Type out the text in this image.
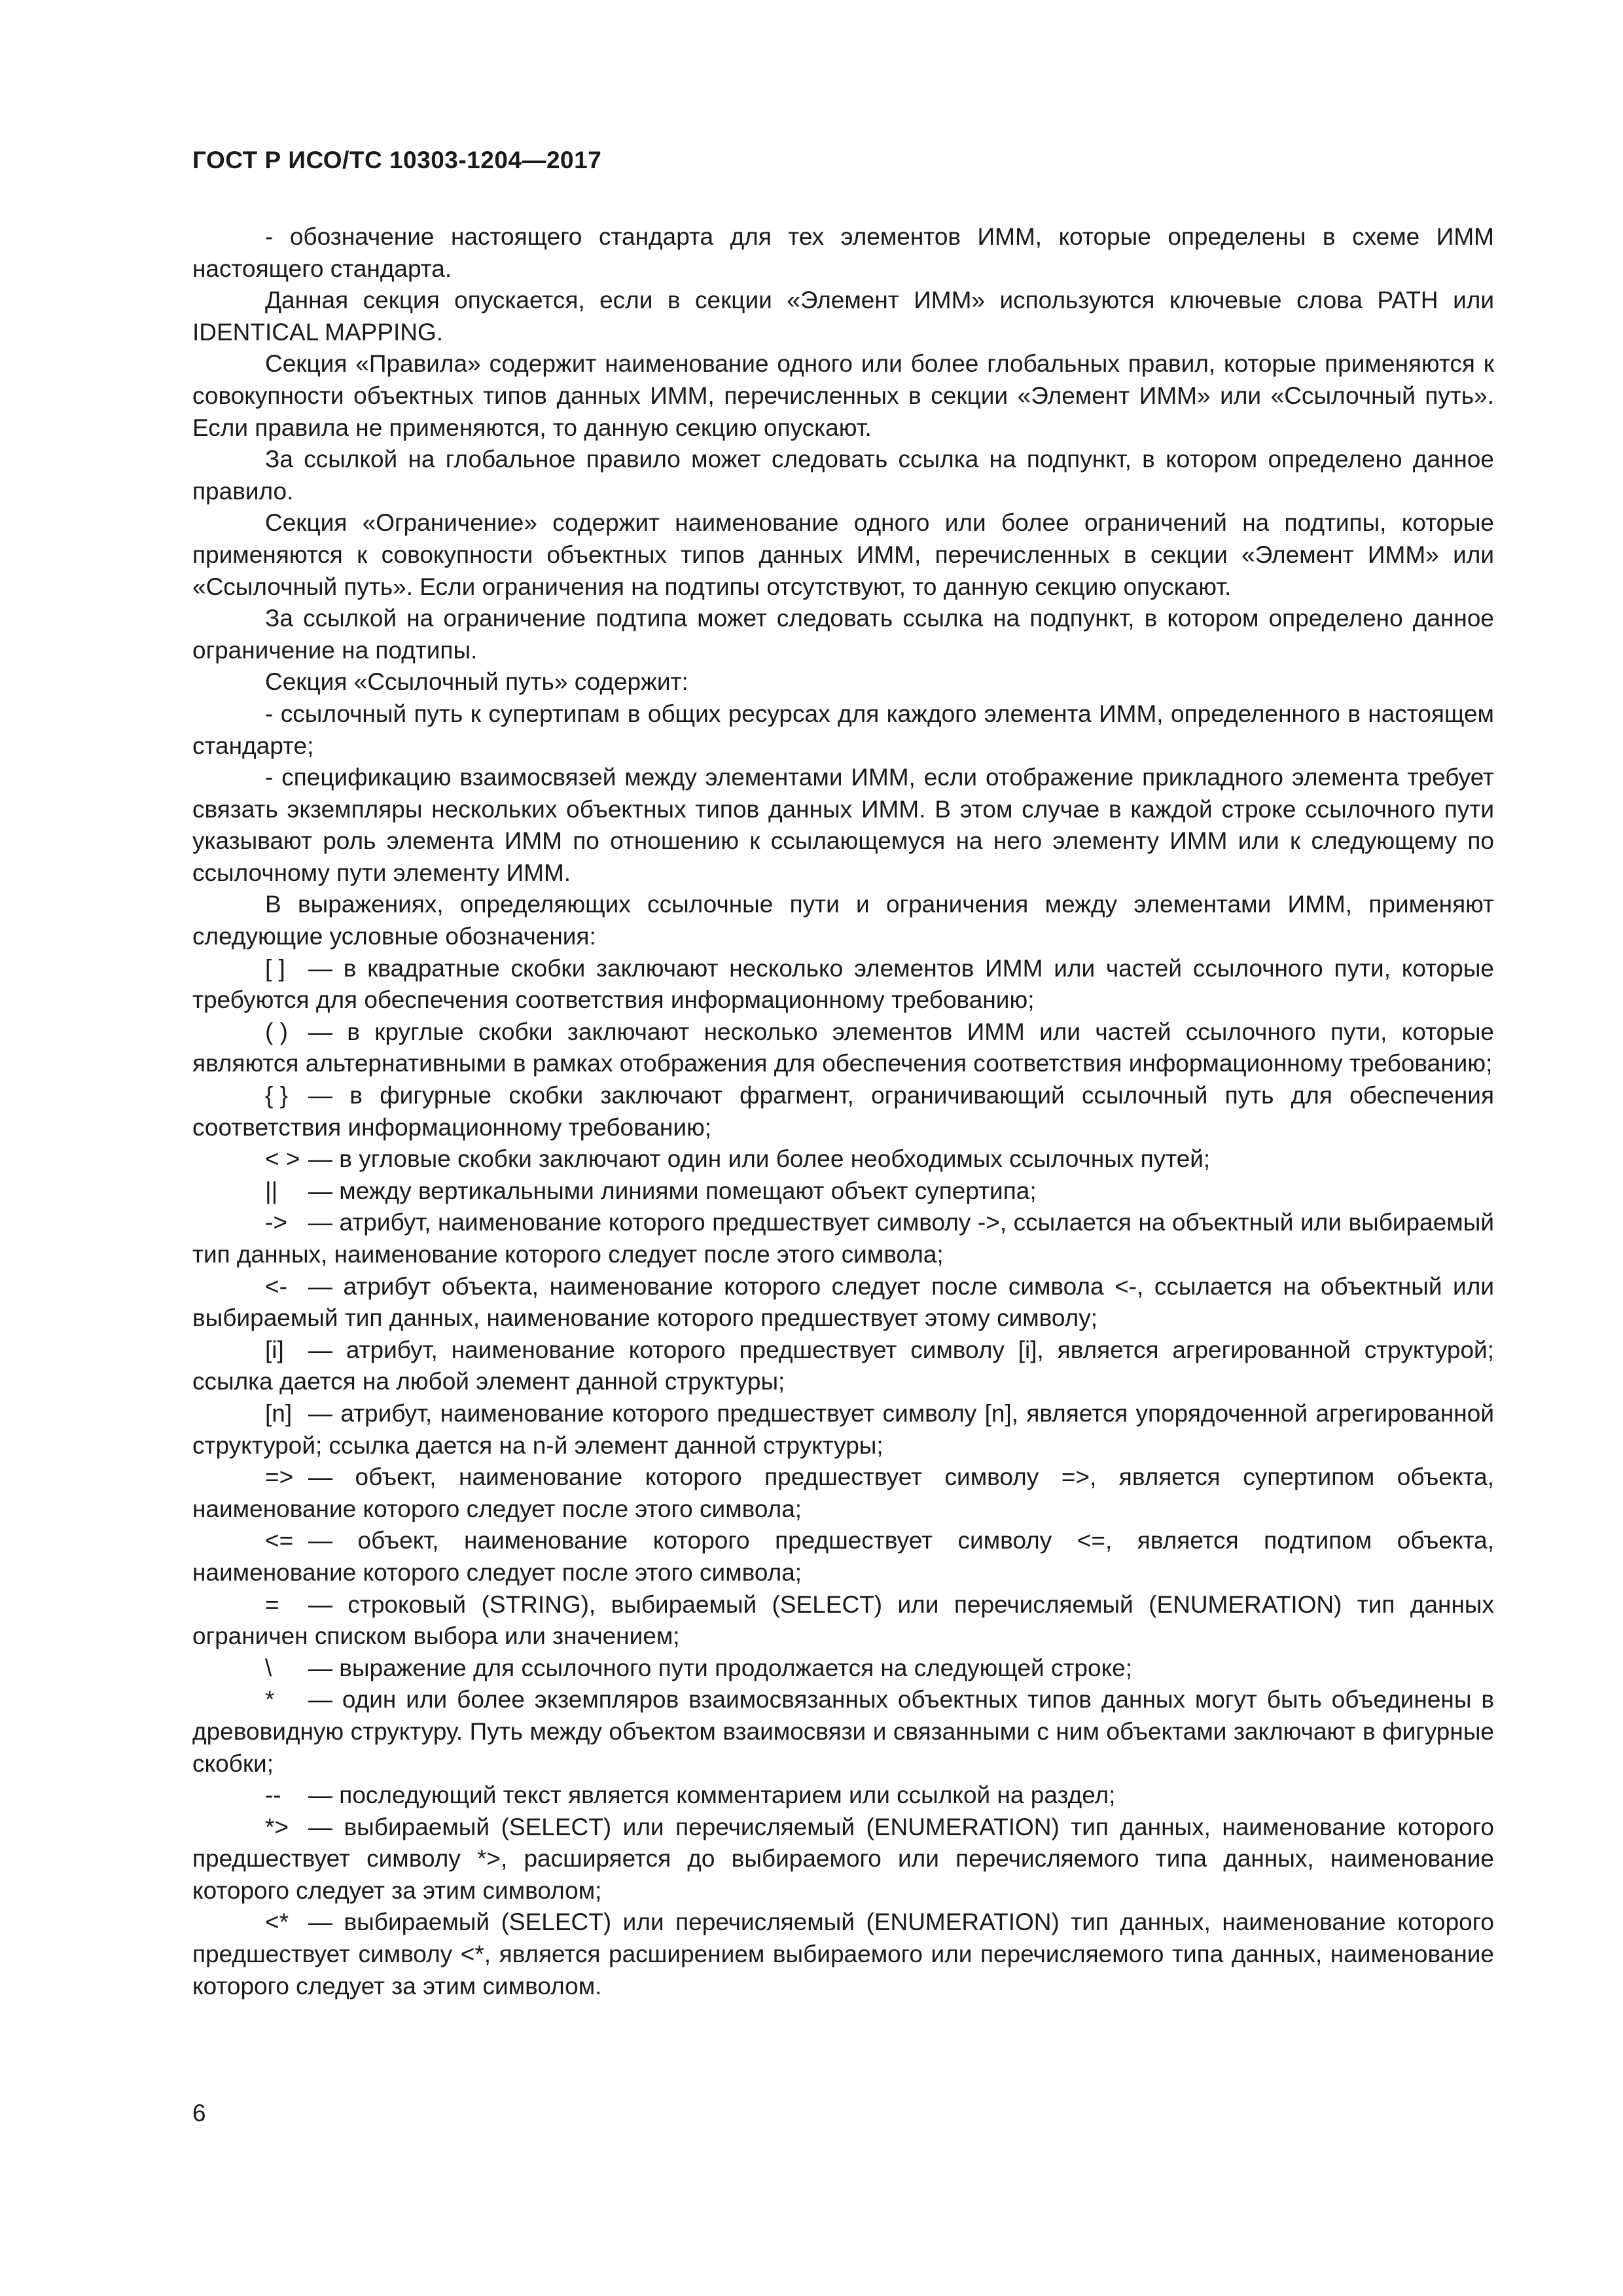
ГОСТ Р ИСО/ТС 10303-1204—2017

- обозначение настоящего стандарта для тех элементов ИММ, которые определены в схеме ИММ настоящего стандарта.

Данная секция опускается, если в секции «Элемент ИММ» используются ключевые слова PATH или IDENTICAL MAPPING.

Секция «Правила» содержит наименование одного или более глобальных правил, которые применяются к совокупности объектных типов данных ИММ, перечисленных в секции «Элемент ИММ» или «Ссылочный путь». Если правила не применяются, то данную секцию опускают.

За ссылкой на глобальное правило может следовать ссылка на подпункт, в котором определено данное правило.

Секция «Ограничение» содержит наименование одного или более ограничений на подтипы, которые применяются к совокупности объектных типов данных ИММ, перечисленных в секции «Элемент ИММ» или «Ссылочный путь». Если ограничения на подтипы отсутствуют, то данную секцию опускают.

За ссылкой на ограничение подтипа может следовать ссылка на подпункт, в котором определено данное ограничение на подтипы.

Секция «Ссылочный путь» содержит:

- ссылочный путь к супертипам в общих ресурсах для каждого элемента ИММ, определенного в настоящем стандарте;

- спецификацию взаимосвязей между элементами ИММ, если отображение прикладного элемента требует связать экземпляры нескольких объектных типов данных ИММ. В этом случае в каждой строке ссылочного пути указывают роль элемента ИММ по отношению к ссылающемуся на него элементу ИММ или к следующему по ссылочному пути элементу ИММ.

В выражениях, определяющих ссылочные пути и ограничения между элементами ИММ, применяют следующие условные обозначения:

[ ] — в квадратные скобки заключают несколько элементов ИММ или частей ссылочного пути, которые требуются для обеспечения соответствия информационному требованию;

( ) — в круглые скобки заключают несколько элементов ИММ или частей ссылочного пути, которые являются альтернативными в рамках отображения для обеспечения соответствия информационному требованию;

{ } — в фигурные скобки заключают фрагмент, ограничивающий ссылочный путь для обеспечения соответствия информационному требованию;

< > — в угловые скобки заключают один или более необходимых ссылочных путей;

|| — между вертикальными линиями помещают объект супертипа;

-> — атрибут, наименование которого предшествует символу ->, ссылается на объектный или выбираемый тип данных, наименование которого следует после этого символа;

<- — атрибут объекта, наименование которого следует после символа <-, ссылается на объектный или выбираемый тип данных, наименование которого предшествует этому символу;

[i] — атрибут, наименование которого предшествует символу [i], является агрегированной структурой; ссылка дается на любой элемент данной структуры;

[n] — атрибут, наименование которого предшествует символу [n], является упорядоченной агрегированной структурой; ссылка дается на n-й элемент данной структуры;

=> — объект, наименование которого предшествует символу =>, является супертипом объекта, наименование которого следует после этого символа;

<= — объект, наименование которого предшествует символу <=, является подтипом объекта, наименование которого следует после этого символа;

= — строковый (STRING), выбираемый (SELECT) или перечисляемый (ENUMERATION) тип данных ограничен списком выбора или значением;

\ — выражение для ссылочного пути продолжается на следующей строке;

* — один или более экземпляров взаимосвязанных объектных типов данных могут быть объединены в древовидную структуру. Путь между объектом взаимосвязи и связанными с ним объектами заключают в фигурные скобки;

-- — последующий текст является комментарием или ссылкой на раздел;

*> — выбираемый (SELECT) или перечисляемый (ENUMERATION) тип данных, наименование которого предшествует символу *>, расширяется до выбираемого или перечисляемого типа данных, наименование которого следует за этим символом;

<* — выбираемый (SELECT) или перечисляемый (ENUMERATION) тип данных, наименование которого предшествует символу <*, является расширением выбираемого или перечисляемого типа данных, наименование которого следует за этим символом.

6
